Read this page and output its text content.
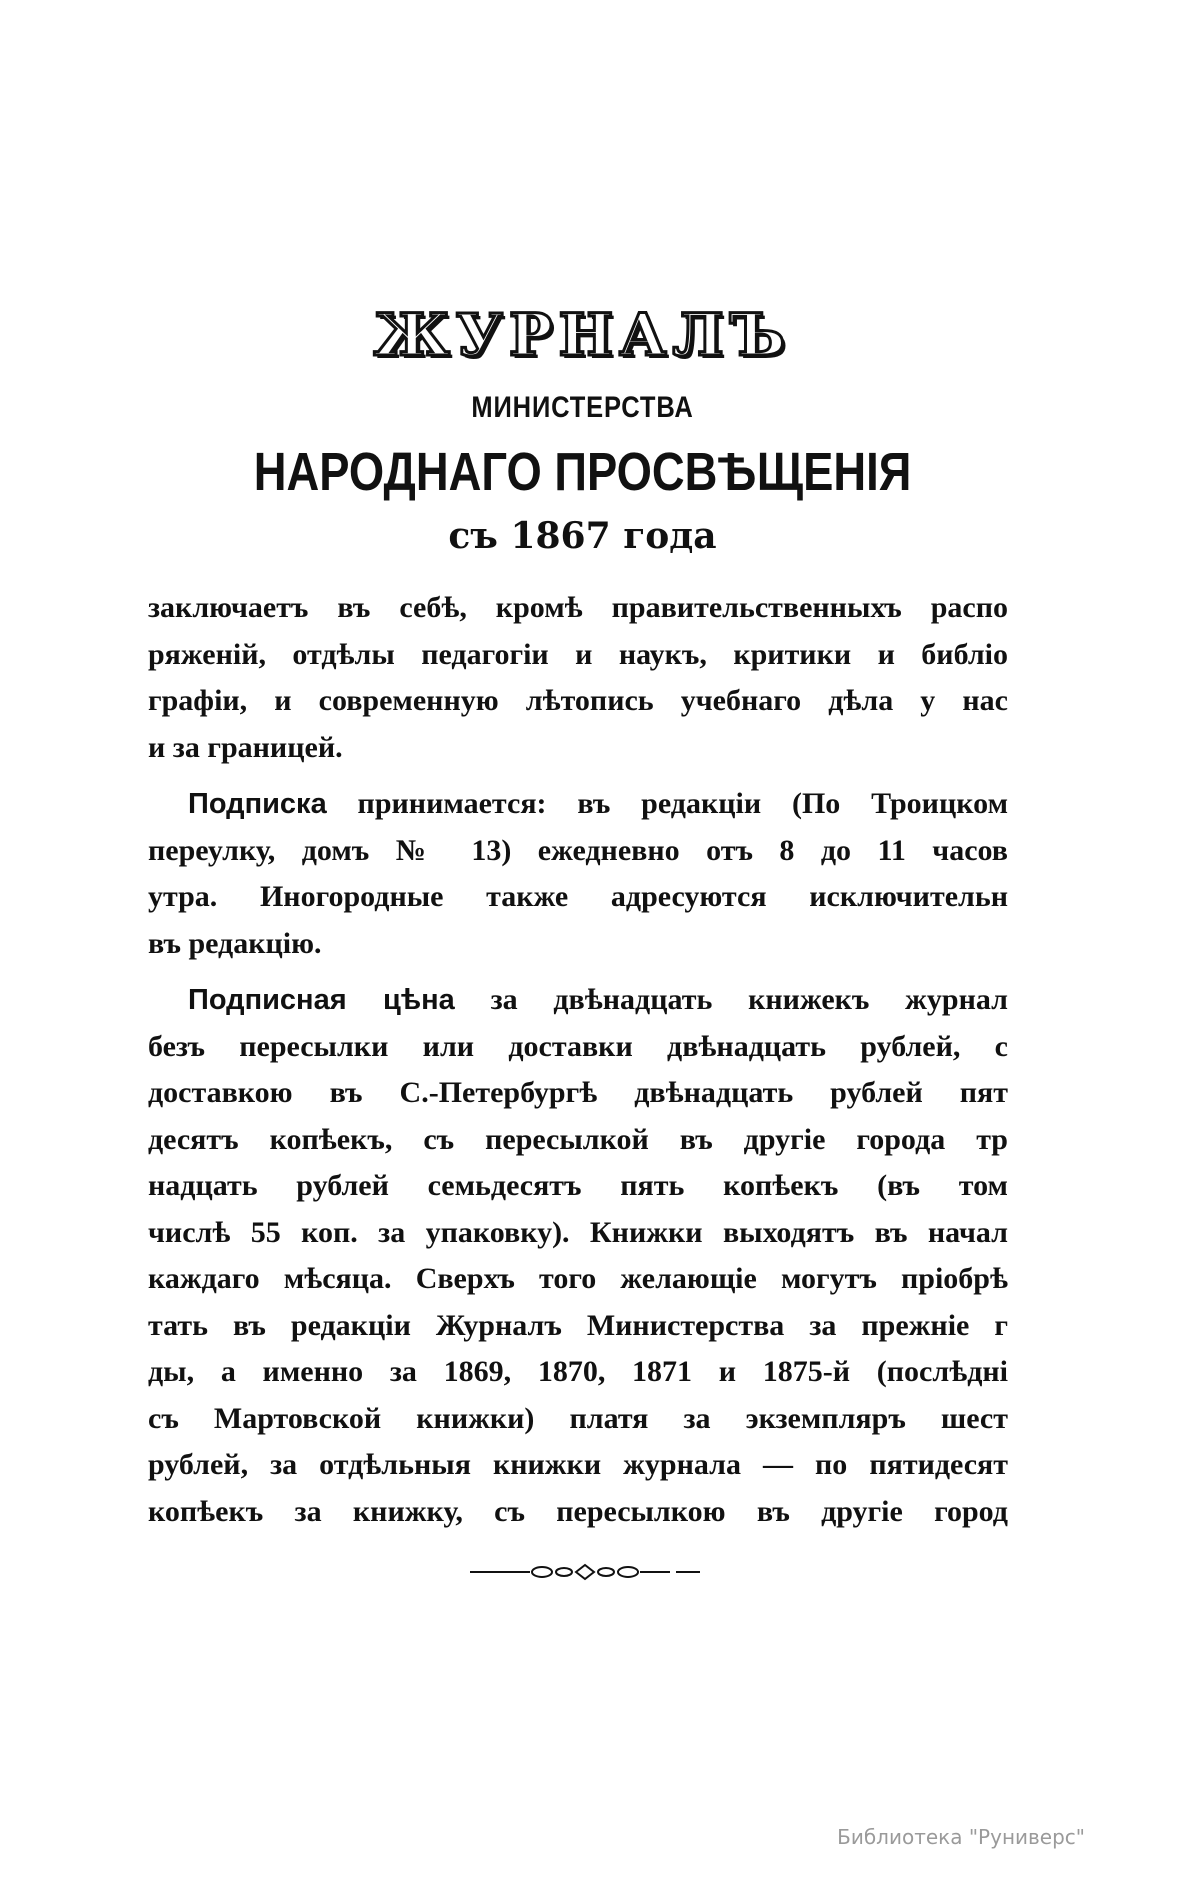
ЖУРНАЛЪ
МИНИСТЕРСТВА
НАРОДНАГО ПРОСВѢЩЕНІЯ
съ 1867 года
заключаетъ въ себѣ, кромѣ правительственныхъ распо
ряженій, отдѣлы педагогіи и наукъ, критики и библіо
графіи, и современную лѣтопись учебнаго дѣла у нас
и за границей.
Подписка принимается: въ редакціи (По Троицком
переулку, домъ № 13) ежедневно отъ 8 до 11 часов
утра. Иногородные также адресуются исключительн
въ редакцію.
Подписная цѣна за двѣнадцать книжекъ журнал
безъ пересылки или доставки двѣнадцать рублей, с
доставкою въ С.-Петербургѣ двѣнадцать рублей пят
десятъ копѣекъ, съ пересылкой въ другіе города тр
надцать рублей семьдесятъ пять копѣекъ (въ том
числѣ 55 коп. за упаковку). Книжки выходятъ въ начал
каждаго мѣсяца. Сверхъ того желающіе могутъ пріобрѣ
тать въ редакціи Журналъ Министерства за прежніе г
ды, а именно за 1869, 1870, 1871 и 1875-й (послѣдні
съ Мартовской книжки) платя за экземпляръ шест
рублей, за отдѣльныя книжки журнала — по пятидесят
копѣекъ за книжку, съ пересылкою въ другіе город
Библиотека "Руниверс"
